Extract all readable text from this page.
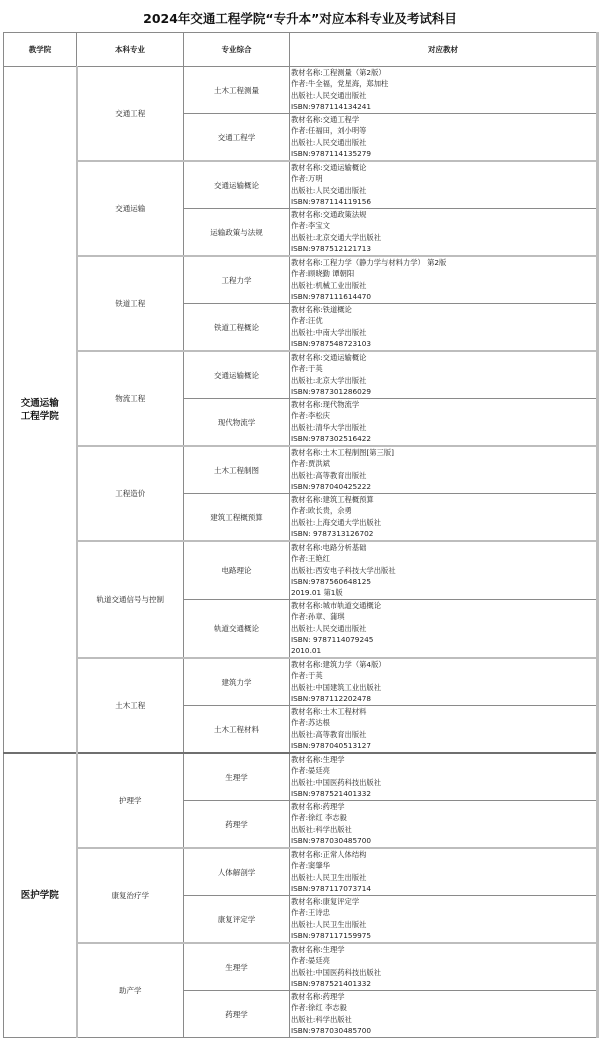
2024年交通工程学院“专升本”对应本科专业及考试科目
教学院	本科专业	专业综合	对应教材

交通运输
工程学院
	交通工程	土木工程测量	
教材名称:工程测量（第2版）
作者:牛全福，党星海，郑加柱
出版社:人民交通出版社
ISBN:9787114134241

		交通工程学	教材名称:交通工程学
作者:任福田，刘小明等
出版社:人民交通出版社
ISBN:9787114135279

	交通运输	交通运输概论	教材名称:交通运输概论
作者:万明
出版社:人民交通出版社
ISBN:9787114119156

		运输政策与法规	教材名称:交通政策法规
作者:李宝文
出版社:北京交通大学出版社
ISBN:9787512121713

	铁道工程	工程力学	教材名称:工程力学（静力学与材料力学） 第2版
作者:顾晓勤 谭朝阳
出版社:机械工业出版社
ISBN:9787111614470

		铁道工程概论	教材名称:铁道概论
作者:汪优
出版社:中南大学出版社
ISBN:9787548723103

	物流工程	交通运输概论	教材名称:交通运输概论
作者:于英
出版社:北京大学出版社
ISBN:9787301286029

		现代物流学	教材名称:现代物流学
作者:李松庆
出版社:清华大学出版社
ISBN:9787302516422

	工程造价	土木工程制图	教材名称:土木工程制图[第三版]
作者:贾洪斌
出版社:高等教育出版社
ISBN:9787040425222

		建筑工程概预算	教材名称:建筑工程概预算
作者:欧长贵，佘勇
出版社:上海交通大学出版社
ISBN: 9787313126702

	轨道交通信号与控制	电路理论	教材名称:电路分析基础
作者:王艳红
出版社:西安电子科技大学出版社
ISBN:9787560648125
2019.01 第1版

		轨道交通概论	教材名称:城市轨道交通概论
作者:孙章、蒲琪
出版社:人民交通出版社
ISBN: 9787114079245
2010.01

	土木工程	建筑力学	教材名称:建筑力学（第4版）
作者:于英
出版社:中国建筑工业出版社
ISBN:9787112202478

		土木工程材料	教材名称:土木工程材料
作者:苏达根
出版社:高等教育出版社
ISBN:9787040513127

医护学院	护理学	生理学	教材名称:生理学
作者:晏廷亮
出版社:中国医药科技出版社
ISBN:9787521401332

		药理学	教材名称:药理学
作者:徐红 李志毅
出版社:科学出版社
ISBN:9787030485700

	康复治疗学	人体解剖学	教材名称:正常人体结构
作者:窦肇华
出版社:人民卫生出版社
ISBN:9787117073714

		康复评定学	教材名称:康复评定学
作者:王诗忠
出版社:人民卫生出版社
ISBN:9787117159975

	助产学	生理学	教材名称:生理学
作者:晏廷亮
出版社:中国医药科技出版社
ISBN:9787521401332

		药理学	教材名称:药理学
作者:徐红 李志毅
出版社:科学出版社
ISBN:9787030485700
